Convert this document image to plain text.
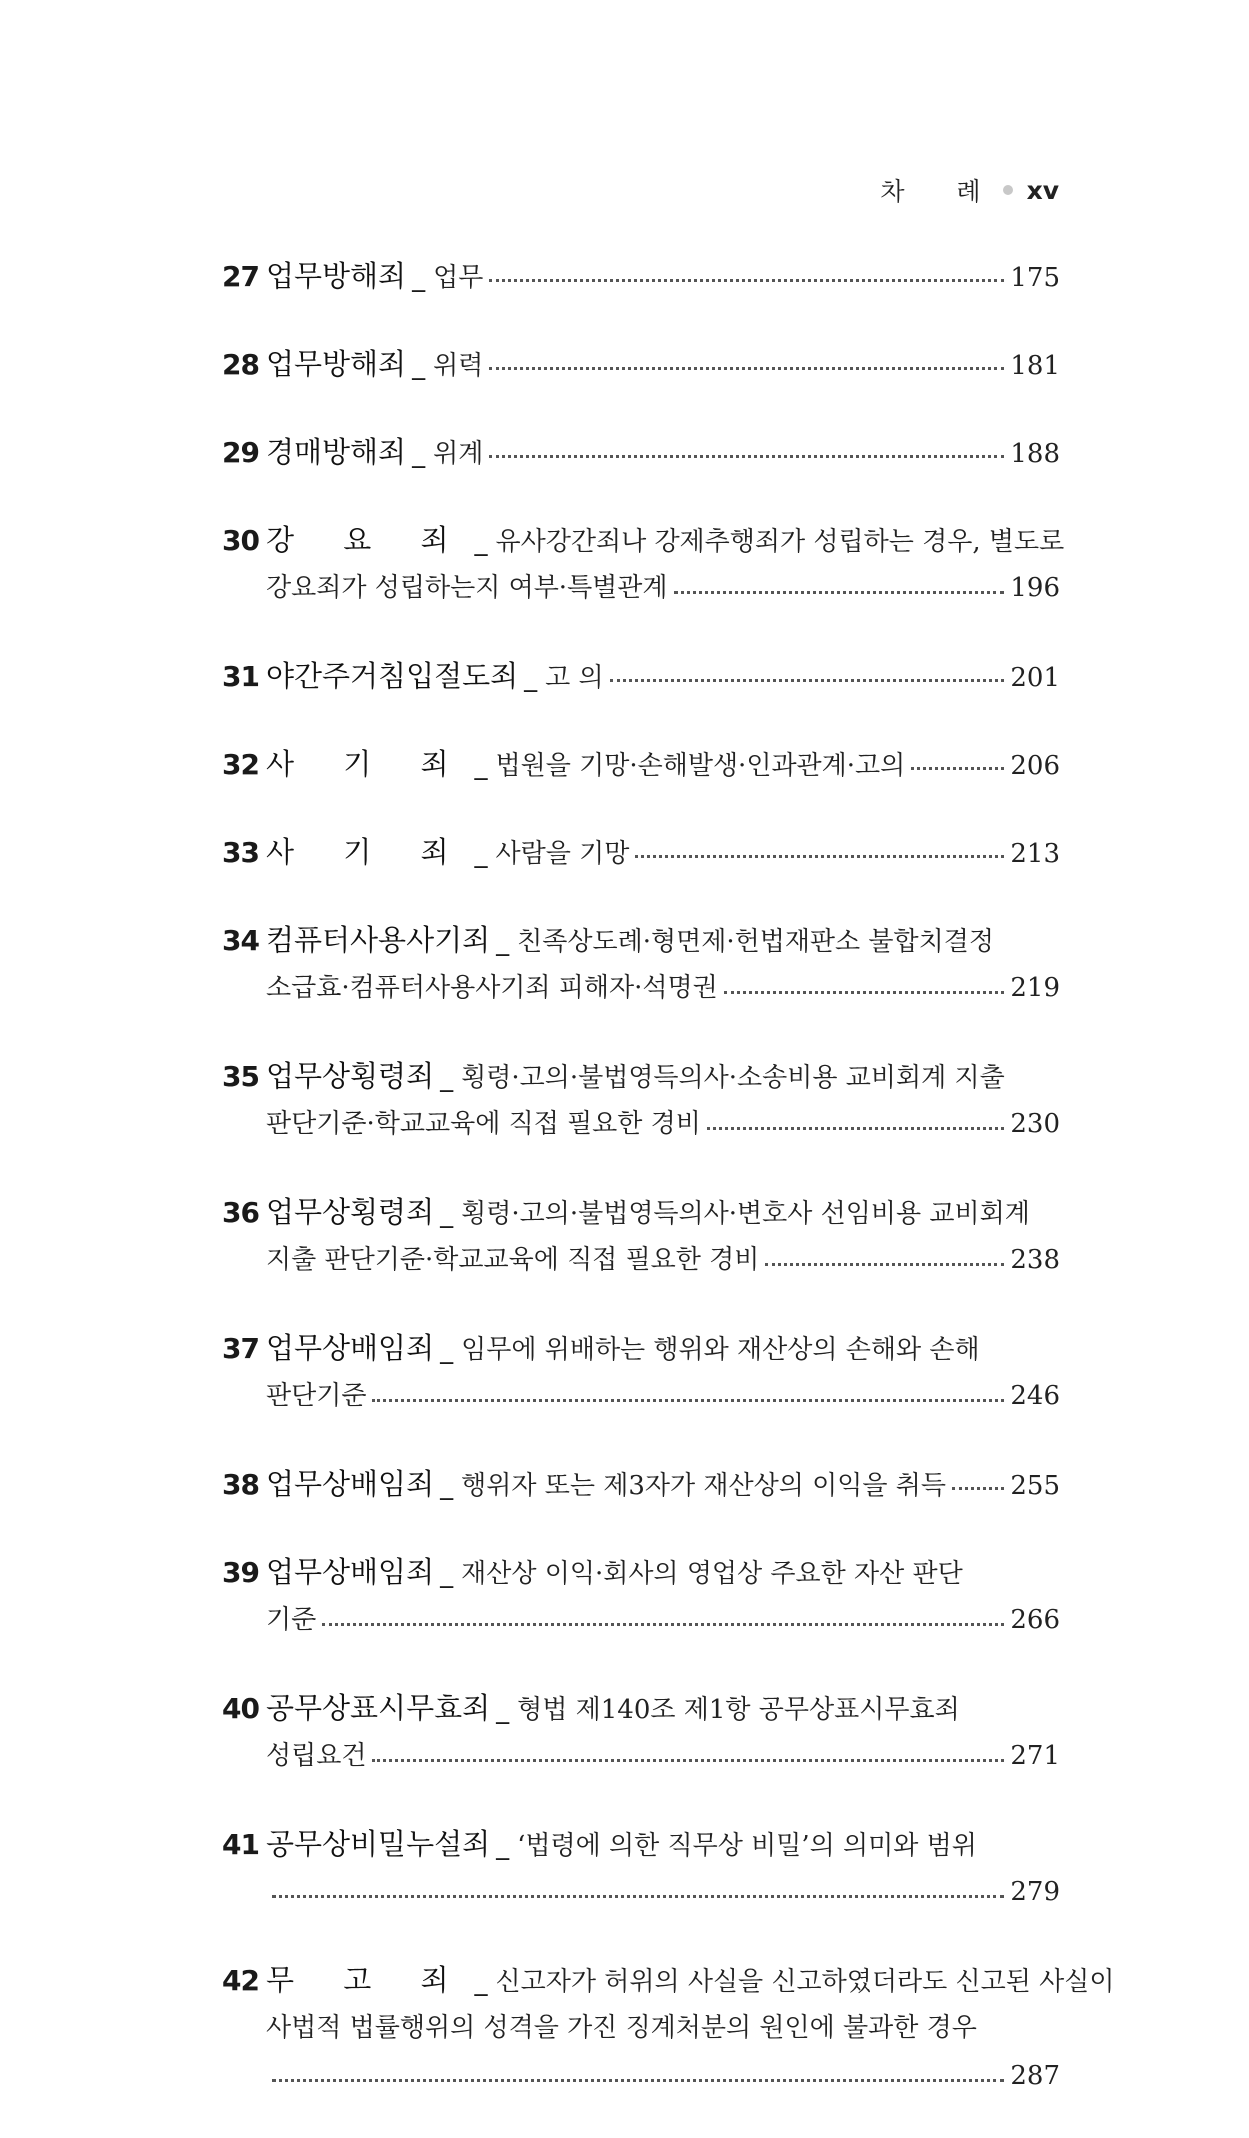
차 례 xv
27 업무방해죄 _ 업무	175
28 업무방해죄 _ 위력	181
29 경매방해죄 _ 위계	188
30 강 요 죄 _ 유사강간죄나 강제추행죄가 성립하는 경우, 별도로
강요죄가 성립하는지 여부·특별관계	196
31 야간주거침입절도죄 _ 고 의	201
32 사 기 죄 _ 법원을 기망·손해발생·인과관계·고의	206
33 사 기 죄 _ 사람을 기망	213
34 컴퓨터사용사기죄 _ 친족상도례·형면제·헌법재판소 불합치결정
소급효·컴퓨터사용사기죄 피해자·석명권	219
35 업무상횡령죄 _ 횡령·고의·불법영득의사·소송비용 교비회계 지출
판단기준·학교교육에 직접 필요한 경비	230
36 업무상횡령죄 _ 횡령·고의·불법영득의사·변호사 선임비용 교비회계
지출 판단기준·학교교육에 직접 필요한 경비	238
37 업무상배임죄 _ 임무에 위배하는 행위와 재산상의 손해와 손해
판단기준	246
38 업무상배임죄 _ 행위자 또는 제3자가 재산상의 이익을 취득 255
39 업무상배임죄 _ 재산상 이익·회사의 영업상 주요한 자산 판단
기준	266
40 공무상표시무효죄 _ 형법 제140조 제1항 공무상표시무효죄
성립요건	271
41 공무상비밀누설죄 _ ‘법령에 의한 직무상 비밀’의 의미와 범위
279
42 무 고 죄 _ 신고자가 허위의 사실을 신고하였더라도 신고된 사실이
사법적 법률행위의 성격을 가진 징계처분의 원인에 불과한 경우
287
